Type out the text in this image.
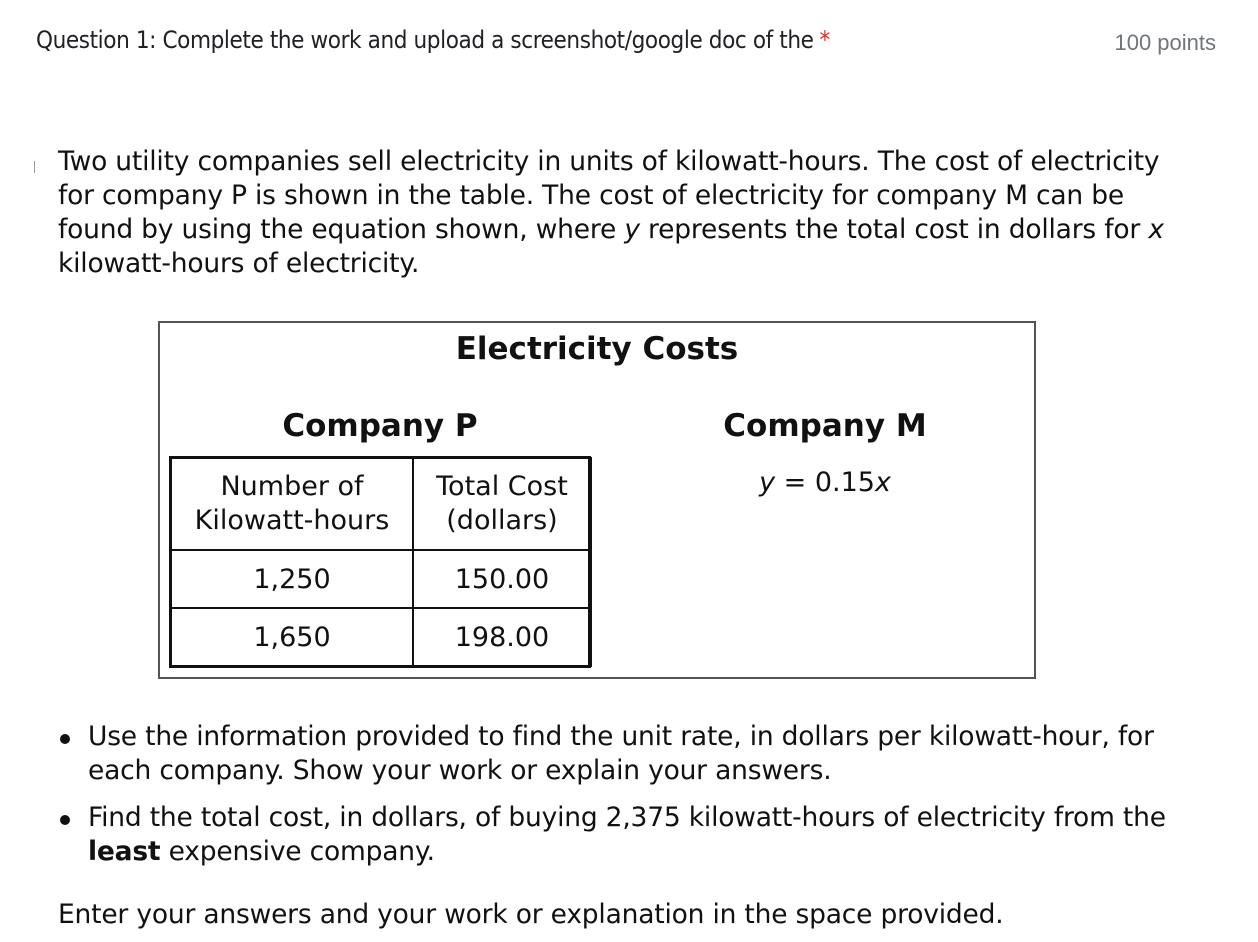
Question 1: Complete the work and upload a screenshot/google doc of the *	100 points

Two utility companies sell electricity in units of kilowatt-hours. The cost of electricity for company P is shown in the table. The cost of electricity for company M can be found by using the equation shown, where y represents the total cost in dollars for x kilowatt-hours of electricity.

Electricity Costs
Company P	Company M
Number of
Kilowatt-hours	Total Cost
(dollars)
1,250	150.00
1,650	198.00
y = 0.15x
Use the information provided to find the unit rate, in dollars per kilowatt-hour, for each company. Show your work or explain your answers.
Find the total cost, in dollars, of buying 2,375 kilowatt-hours of electricity from the least expensive company.

Enter your answers and your work or explanation in the space provided.
